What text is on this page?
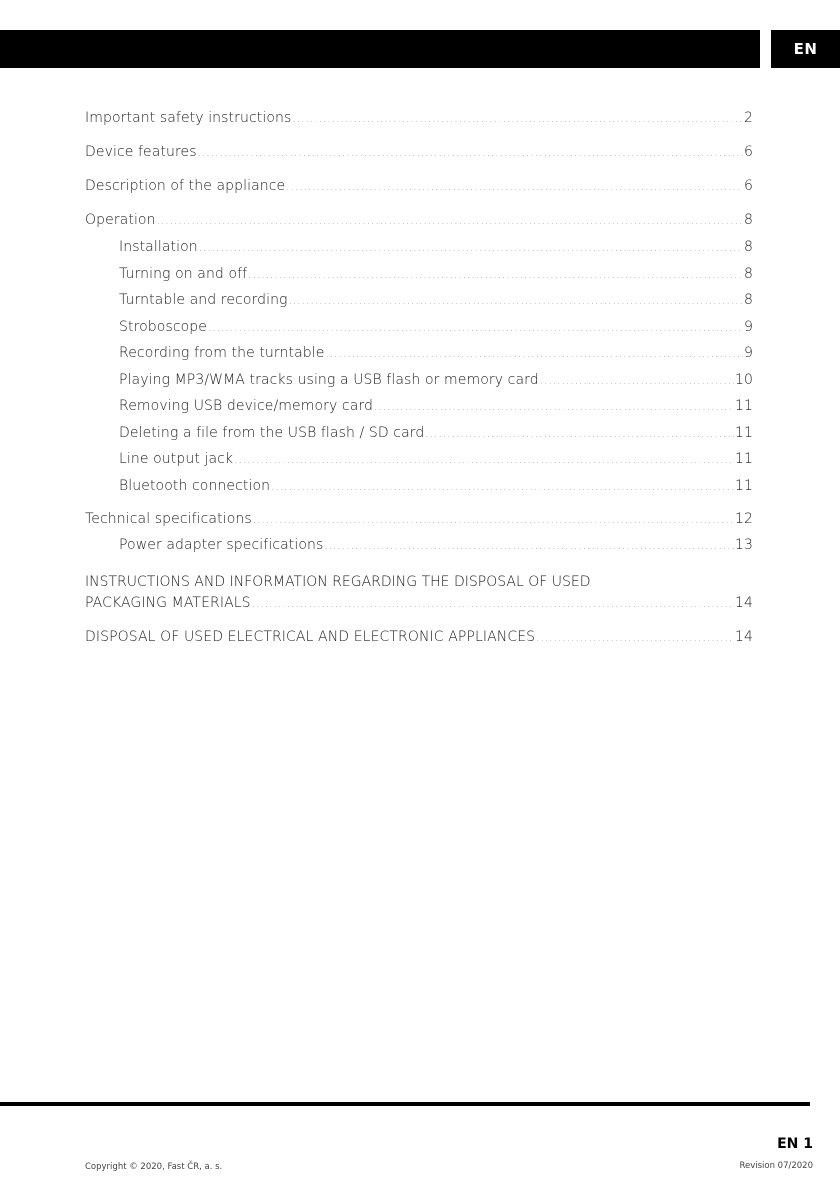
EN
Important safety instructions .....	2
Device features .....	6
Description of the appliance .....	6
Operation .....	8
Installation .....	8
Turning on and off .....	8
Turntable and recording .....	8
Stroboscope .....	9
Recording from the turntable .....	9
Playing MP3/WMA tracks using a USB flash or memory card .....	10
Removing USB device/memory card .....	11
Deleting a file from the USB flash / SD card .....	11
Line output jack .....	11
Bluetooth connection .....	11
Technical specifications .....	12
Power adapter specifications .....	13
INSTRUCTIONS AND INFORMATION REGARDING THE DISPOSAL OF USED
PACKAGING MATERIALS .....	14
DISPOSAL OF USED ELECTRICAL AND ELECTRONIC APPLIANCES .....	14
EN 1
Copyright © 2020, Fast ČR, a. s.	Revision 07/2020
